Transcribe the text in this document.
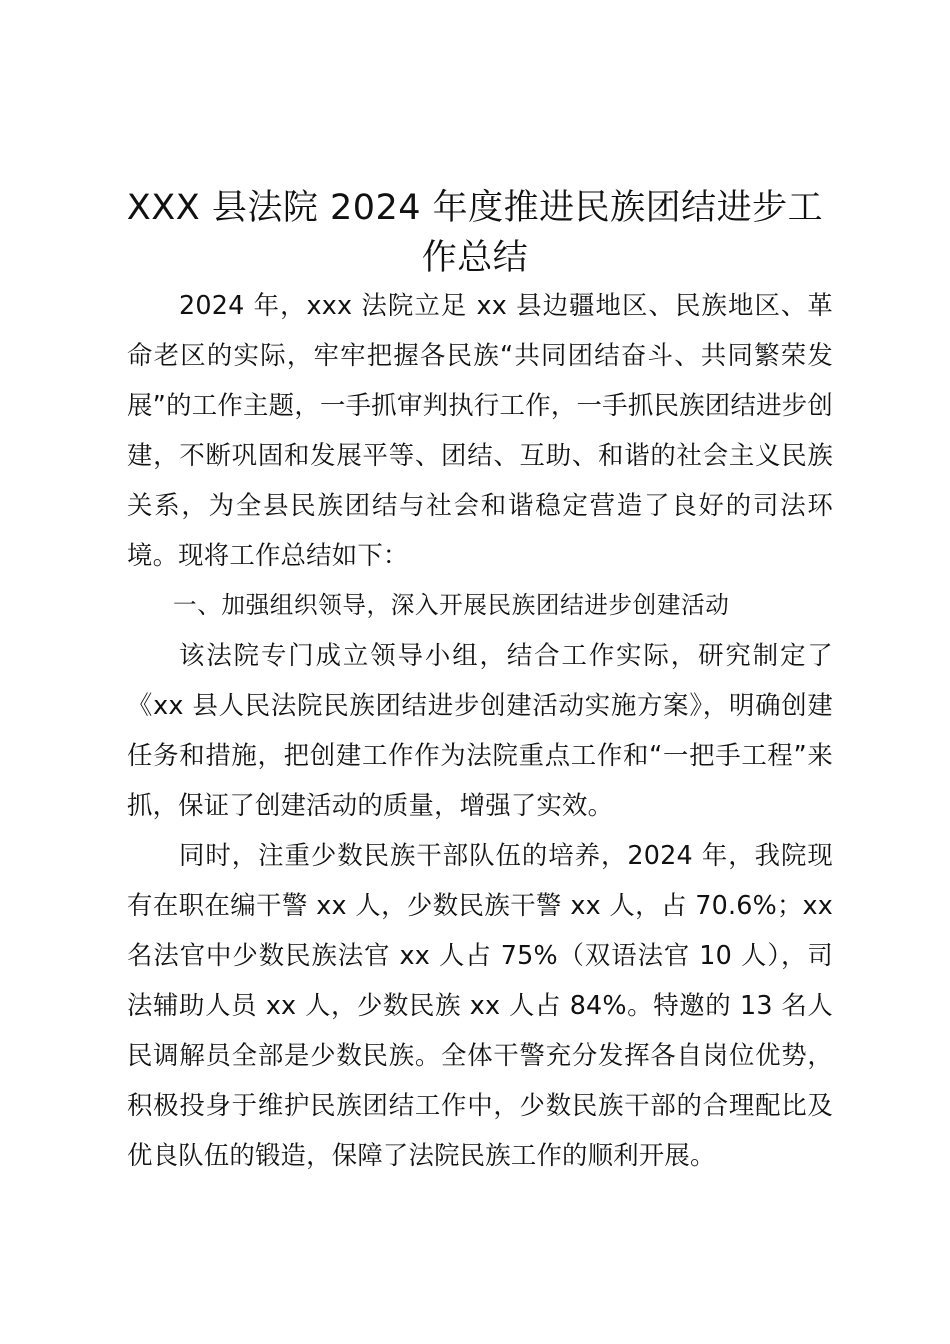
XXX 县法院 2024 年度推进民族团结进步工作总结

2024 年，xxx 法院立足 xx 县边疆地区、民族地区、革命老区的实际，牢牢把握各民族“共同团结奋斗、共同繁荣发展”的工作主题，一手抓审判执行工作，一手抓民族团结进步创建，不断巩固和发展平等、团结、互助、和谐的社会主义民族关系，为全县民族团结与社会和谐稳定营造了良好的司法环境。现将工作总结如下：

一、加强组织领导，深入开展民族团结进步创建活动

该法院专门成立领导小组，结合工作实际，研究制定了《xx 县人民法院民族团结进步创建活动实施方案》，明确创建任务和措施，把创建工作作为法院重点工作和“一把手工程”来抓，保证了创建活动的质量，增强了实效。

同时，注重少数民族干部队伍的培养，2024 年，我院现有在职在编干警 xx 人，少数民族干警 xx 人，占 70.6%；xx 名法官中少数民族法官 xx 人占 75%（双语法官 10 人），司法辅助人员 xx 人，少数民族 xx 人占 84%。特邀的 13 名人民调解员全部是少数民族。全体干警充分发挥各自岗位优势，积极投身于维护民族团结工作中，少数民族干部的合理配比及优良队伍的锻造，保障了法院民族工作的顺利开展。
